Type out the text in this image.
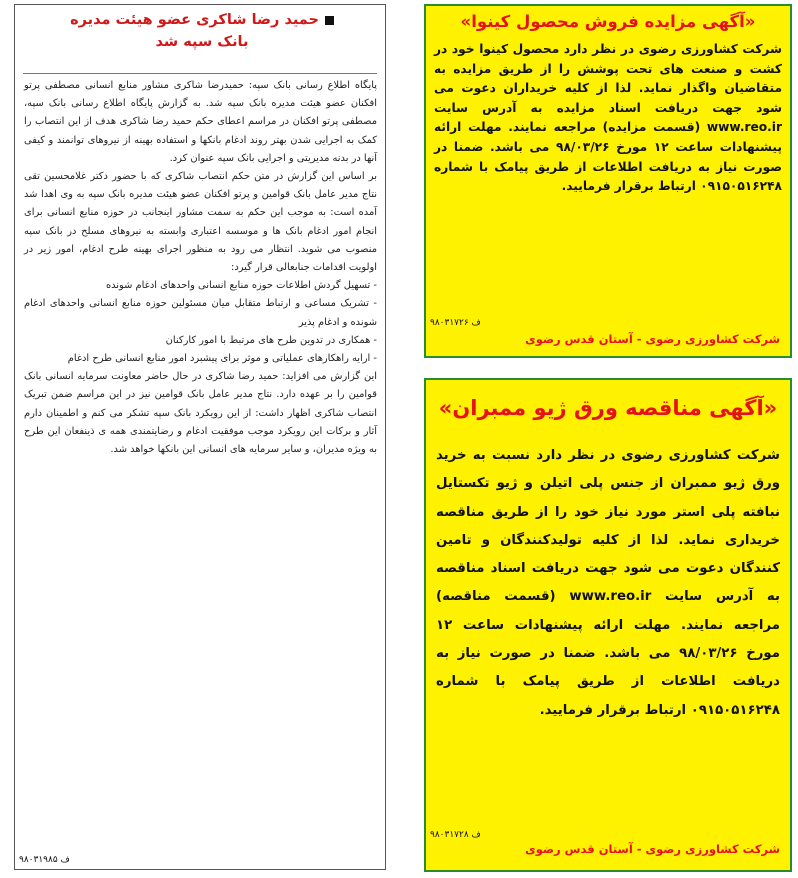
حمید رضا شاکری عضو هیئت مدیره
بانک سپه شد

پایگاه اطلاع رسانی بانک سپه: حمیدرضا شاکری مشاور منابع انسانی مصطفی پرتو افکنان عضو هیئت مدیره بانک سپه شد. به گزارش پایگاه اطلاع رسانی بانک سپه، مصطفی پرتو افکنان در مراسم اعطای حکم حمید رضا شاکری هدف از این انتصاب را کمک به اجرایی شدن بهتر روند ادغام بانکها و استفاده بهینه از نیروهای توانمند و کیفی آنها در بدنه مدیریتی و اجرایی بانک سپه عنوان کرد.

بر اساس این گزارش در متن حکم انتصاب شاکری که با حضور دکتر غلامحسین تقی نتاج مدیر عامل بانک قوامین و پرتو افکنان عضو هیئت مدیره بانک سپه به وی اهدا شد آمده است: به موجب این حکم به سمت مشاور اینجانب در حوزه منابع انسانی برای انجام امور ادغام بانک ها و موسسه اعتباری وابسته به نیروهای مسلح در بانک سپه منصوب می شوید. انتظار می رود به منظور اجرای بهینه طرح ادغام، امور زیر در اولویت اقدامات جنابعالی قرار گیرد:

- تسهیل گردش اطلاعات حوزه منابع انسانی واحدهای ادغام شونده

- تشریک مساعی و ارتباط متقابل میان مسئولین حوزه منابع انسانی واحدهای ادغام شونده و ادغام پذیر

- همکاری در تدوین طرح های مرتبط با امور کارکنان

- ارایه راهکارهای عملیاتی و موثر برای پیشبرد امور منابع انسانی طرح ادغام

این گزارش می افزاید: حمید رضا شاکری در حال حاضر معاونت سرمایه انسانی بانک قوامین را بر عهده دارد. نتاج مدیر عامل بانک قوامین نیز در این مراسم ضمن تبریک انتصاب شاکری اظهار داشت: از این رویکرد بانک سپه تشکر می کنم و اطمینان دارم آثار و برکات این رویکرد موجب موفقیت ادغام و رضایتمندی همه ی ذینفعان این طرح به ویژه مدیران، و سایر سرمایه های انسانی این بانکها خواهد شد.

۹۸۰۳۱۹۸۵ ف
«آگهی مزایده فروش محصول کینوا»

شرکت کشاورزی رضوی در نظر دارد محصول کینوا خود در کشت و صنعت های تحت پوشش را از طریق مزایده به متقاضیان واگذار نماید. لذا از کلیه خریداران دعوت می شود جهت دریافت اسناد مزایده به آدرس سایت www.reo.ir (قسمت مزایده) مراجعه نمایند. مهلت ارائه پیشنهادات ساعت ۱۲ مورخ ۹۸/۰۳/۲۶ می باشد. ضمنا در صورت نیاز به دریافت اطلاعات از طریق پیامک با شماره ۰۹۱۵۰۵۱۶۲۴۸ ارتباط برقرار فرمایید.

۹۸۰۳۱۷۲۶ ف
شرکت کشاورزی رضوی - آستان قدس رضوی
«آگهی مناقصه ورق ژیو ممبران»

شرکت کشاورزی رضوی در نظر دارد نسبت به خرید ورق ژیو ممبران از جنس پلی اتیلن و ژیو تکستایل نبافته پلی استر مورد نیاز خود را از طریق مناقصه خریداری نماید. لذا از کلیه تولیدکنندگان و تامین کنندگان دعوت می شود جهت دریافت اسناد مناقصه به آدرس سایت www.reo.ir (قسمت مناقصه) مراجعه نمایند. مهلت ارائه پیشنهادات ساعت ۱۲ مورخ ۹۸/۰۳/۲۶ می باشد. ضمنا در صورت نیاز به دریافت اطلاعات از طریق پیامک با شماره ۰۹۱۵۰۵۱۶۲۴۸ ارتباط برقرار فرمایید.

۹۸۰۳۱۷۲۸ ف
شرکت کشاورزی رضوی - آستان قدس رضوی
